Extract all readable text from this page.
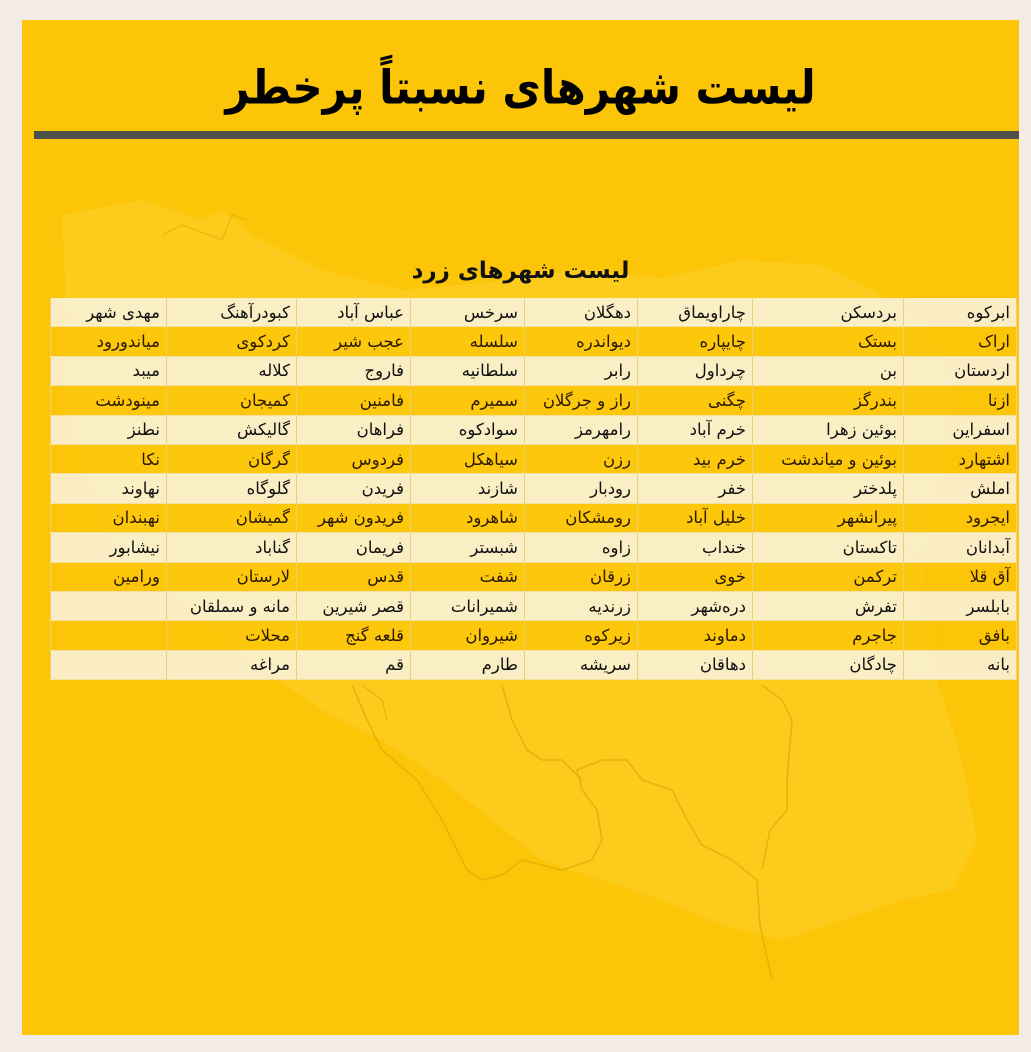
لیست شهرهای نسبتاً پرخطر
لیست شهرهای زرد
ابرکوه	بردسکن	چاراویماق	دهگلان	سرخس	عباس آباد	کبودرآهنگ	مهدی شهر
اراک	بستک	چایپاره	دیواندره	سلسله	عجب شیر	کردکوی	میاندورود
اردستان	بن	چرداول	رابر	سلطانیه	فاروج	کلاله	میبد
ازنا	بندرگز	چگنی	راز و جرگلان	سمیرم	فامنین	کمیجان	مینودشت
اسفراین	بوئین زهرا	خرم آباد	رامهرمز	سوادکوه	فراهان	گالیکش	نطنز
اشتهارد	بوئین و میاندشت	خرم بید	رزن	سیاهکل	فردوس	گرگان	نکا
املش	پلدختر	خفر	رودبار	شازند	فریدن	گلوگاه	نهاوند
ایجرود	پیرانشهر	خلیل آباد	رومشکان	شاهرود	فریدون شهر	گمیشان	نهبندان
آبدانان	تاکستان	خنداب	زاوه	شبستر	فریمان	گناباد	نیشابور
آق قلا	ترکمن	خوی	زرقان	شفت	قدس	لارستان	ورامین
بابلسر	تفرش	دره‌شهر	زرندیه	شمیرانات	قصر شیرین	مانه و سملقان	
بافق	جاجرم	دماوند	زیرکوه	شیروان	قلعه گنج	محلات	
بانه	چادگان	دهاقان	سریشه	طارم	قم	مراغه	
